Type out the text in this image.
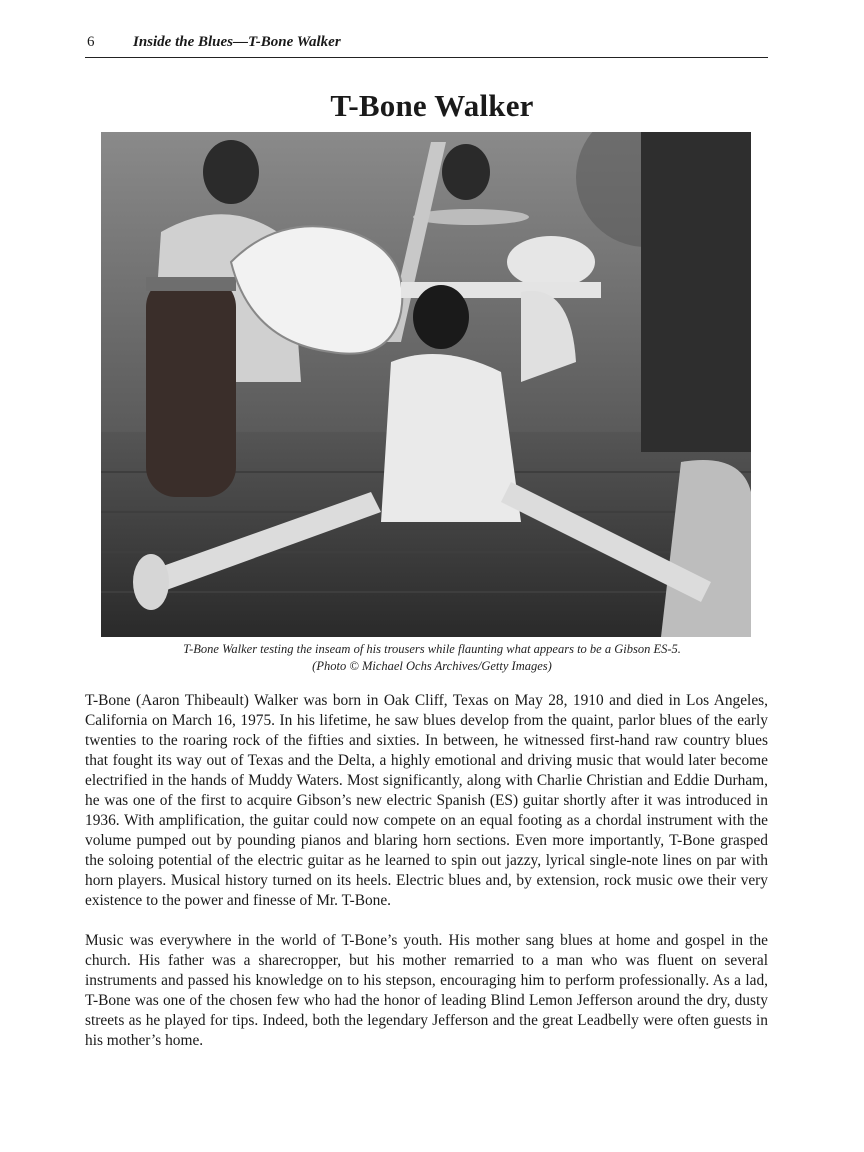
6	Inside the Blues—T-Bone Walker
T-Bone Walker
T-Bone Walker testing the inseam of his trousers while flaunting what appears to be a Gibson ES-5.
(Photo © Michael Ochs Archives/Getty Images)

T-Bone (Aaron Thibeault) Walker was born in Oak Cliff, Texas on May 28, 1910 and died in Los Angeles, California on March 16, 1975. In his lifetime, he saw blues develop from the quaint, parlor blues of the early twenties to the roaring rock of the fifties and sixties. In between, he witnessed first-hand raw country blues that fought its way out of Texas and the Delta, a highly emotional and driving music that would later become electrified in the hands of Muddy Waters. Most significantly, along with Charlie Christian and Eddie Durham, he was one of the first to acquire Gibson’s new electric Spanish (ES) guitar shortly after it was introduced in 1936. With amplification, the guitar could now compete on an equal footing as a chordal instrument with the volume pumped out by pounding pianos and blaring horn sections. Even more importantly, T-Bone grasped the soloing potential of the electric guitar as he learned to spin out jazzy, lyrical single-note lines on par with horn players. Musical history turned on its heels. Electric blues and, by extension, rock music owe their very existence to the power and finesse of Mr. T-Bone.

Music was everywhere in the world of T-Bone’s youth. His mother sang blues at home and gospel in the church. His father was a sharecropper, but his mother remarried to a man who was fluent on several instruments and passed his knowledge on to his stepson, encouraging him to perform professionally. As a lad, T-Bone was one of the chosen few who had the honor of leading Blind Lemon Jefferson around the dry, dusty streets as he played for tips. Indeed, both the legendary Jefferson and the great Leadbelly were often guests in his mother’s home.
